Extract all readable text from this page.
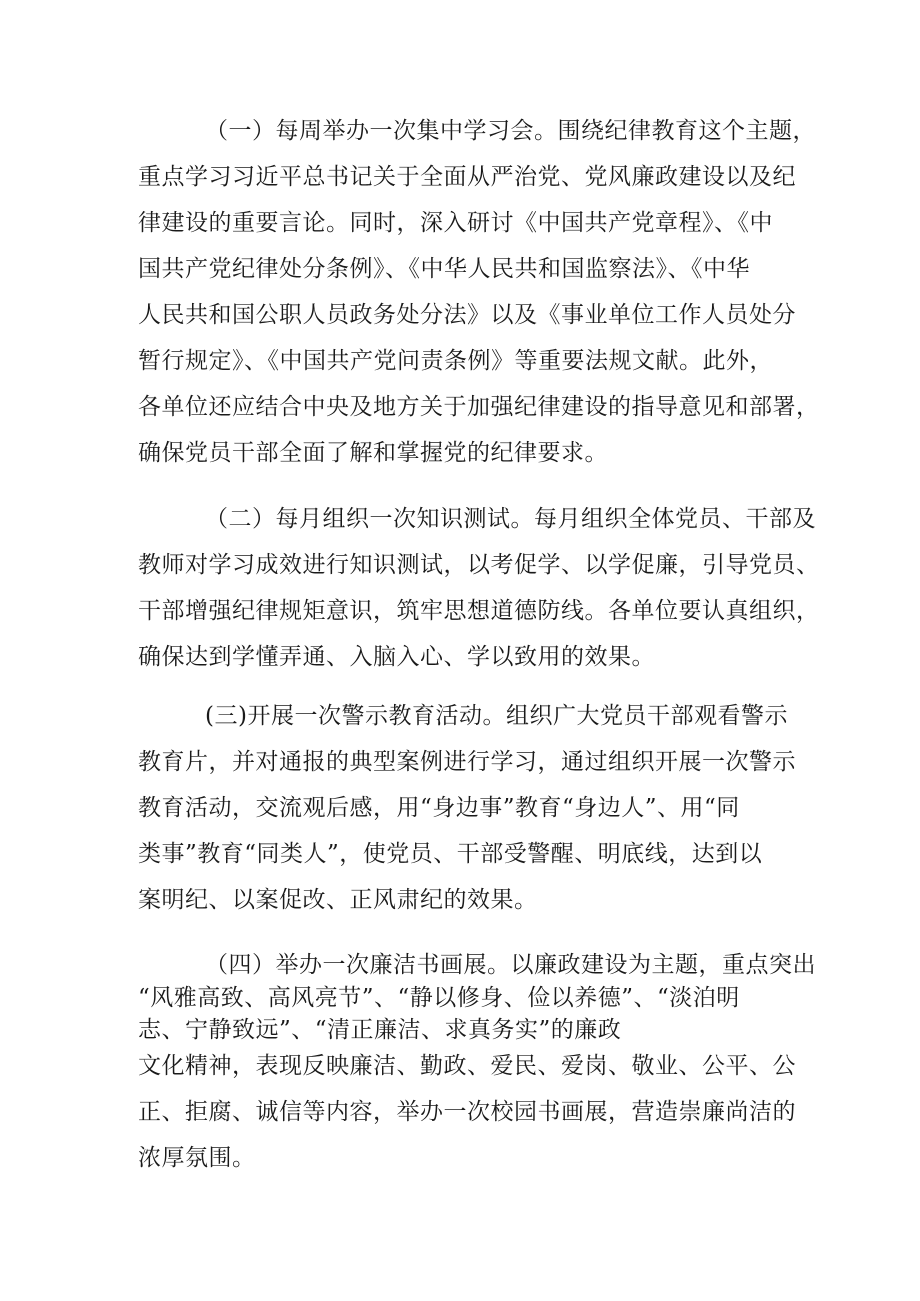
（一）每周举办一次集中学习会。围绕纪律教育这个主题，
重点学习习近平总书记关于全面从严治党、党风廉政建设以及纪
律建设的重要言论。同时，深入研讨《中国共产党章程》、《中
国共产党纪律处分条例》、《中华人民共和国监察法》、《中华
人民共和国公职人员政务处分法》以及《事业单位工作人员处分
暂行规定》、《中国共产党问责条例》等重要法规文献。此外，
各单位还应结合中央及地方关于加强纪律建设的指导意见和部署，
确保党员干部全面了解和掌握党的纪律要求。
（二）每月组织一次知识测试。每月组织全体党员、干部及
教师对学习成效进行知识测试，以考促学、以学促廉，引导党员、
干部增强纪律规矩意识，筑牢思想道德防线。各单位要认真组织，
确保达到学懂弄通、入脑入心、学以致用的效果。
(三)开展一次警示教育活动。组织广大党员干部观看警示
教育片，并对通报的典型案例进行学习，通过组织开展一次警示
教育活动，交流观后感，用“身边事”教育“身边人”、用“同
类事”教育“同类人”，使党员、干部受警醒、明底线，达到以
案明纪、以案促改、正风肃纪的效果。
（四）举办一次廉洁书画展。以廉政建设为主题，重点突出
“风雅高致、高风亮节”、“静以修身、俭以养德”、“淡泊明
志、宁静致远”、“清正廉洁、求真务实”的廉政
文化精神，表现反映廉洁、勤政、爱民、爱岗、敬业、公平、公
正、拒腐、诚信等内容，举办一次校园书画展，营造崇廉尚洁的
浓厚氛围。
